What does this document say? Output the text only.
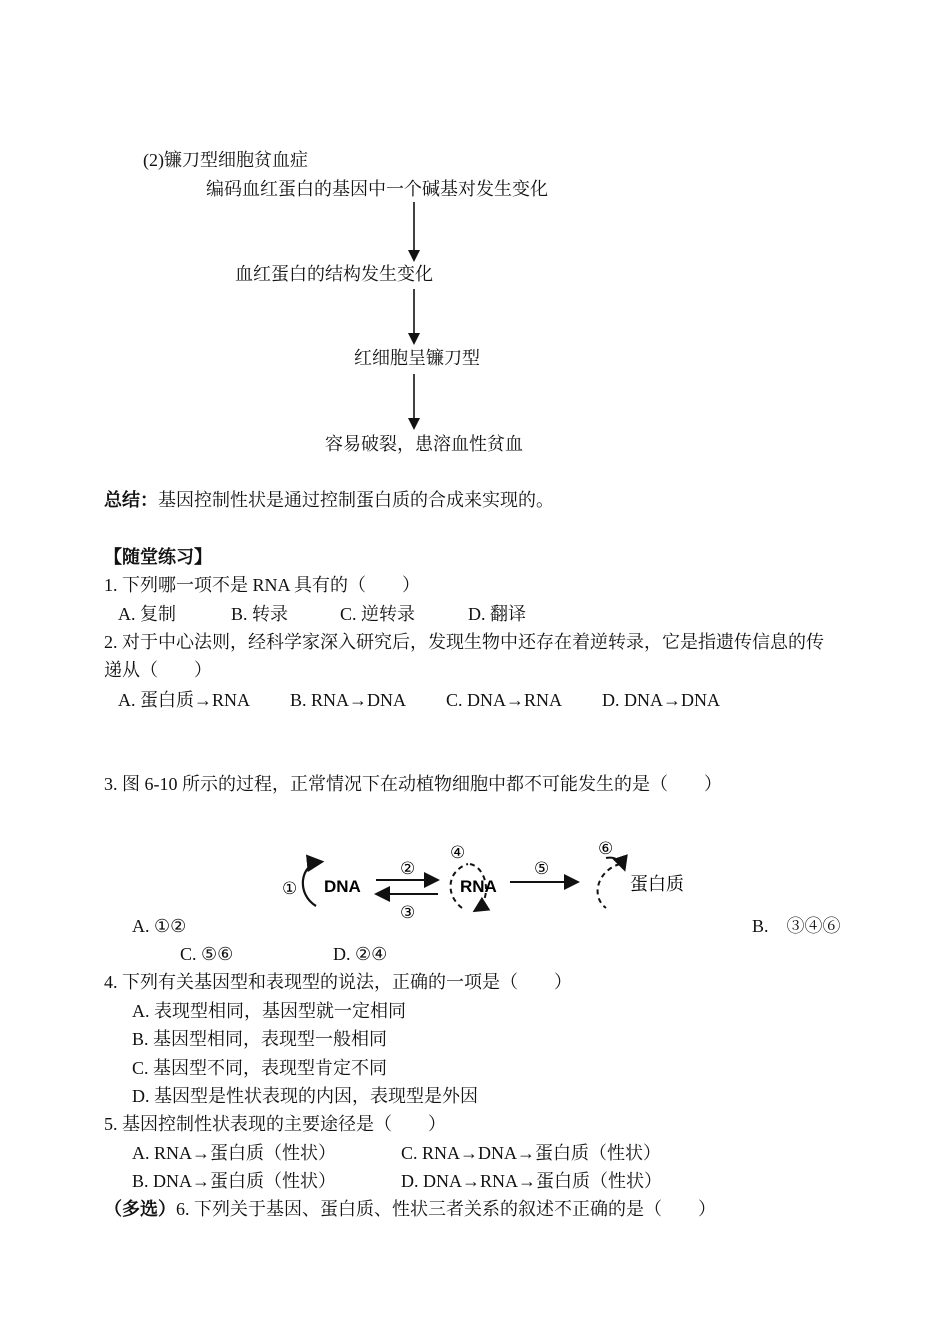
(2)镰刀型细胞贫血症
编码血红蛋白的基因中一个碱基对发生变化
血红蛋白的结构发生变化
红细胞呈镰刀型
容易破裂，患溶血性贫血
总结：基因控制性状是通过控制蛋白质的合成来实现的。
【随堂练习】
1. 下列哪一项不是 RNA 具有的（　　）
A. 复制	B. 转录	C. 逆转录	D. 翻译
2. 对于中心法则，经科学家深入研究后，发现生物中还存在着逆转录，它是指遗传信息的传
递从（　　）
A. 蛋白质→RNA B. RNA→DNA C. DNA→RNA D. DNA→DNA
3. 图 6-10 所示的过程，正常情况下在动植物细胞中都不可能发生的是（　　）
① DNA
②
③
④
RNA
⑤
⑥
蛋白质
A. ①②	B.　③④⑥
C. ⑤⑥	D. ②④
4. 下列有关基因型和表现型的说法，正确的一项是（　　）
A. 表现型相同，基因型就一定相同
B. 基因型相同，表现型一般相同
C. 基因型不同，表现型肯定不同
D. 基因型是性状表现的内因，表现型是外因
5. 基因控制性状表现的主要途径是（　　）
A. RNA→蛋白质（性状）	C. RNA→DNA→蛋白质（性状）
B. DNA→蛋白质（性状）	D. DNA→RNA→蛋白质（性状）
（多选）6. 下列关于基因、蛋白质、性状三者关系的叙述不正确的是（　　）
